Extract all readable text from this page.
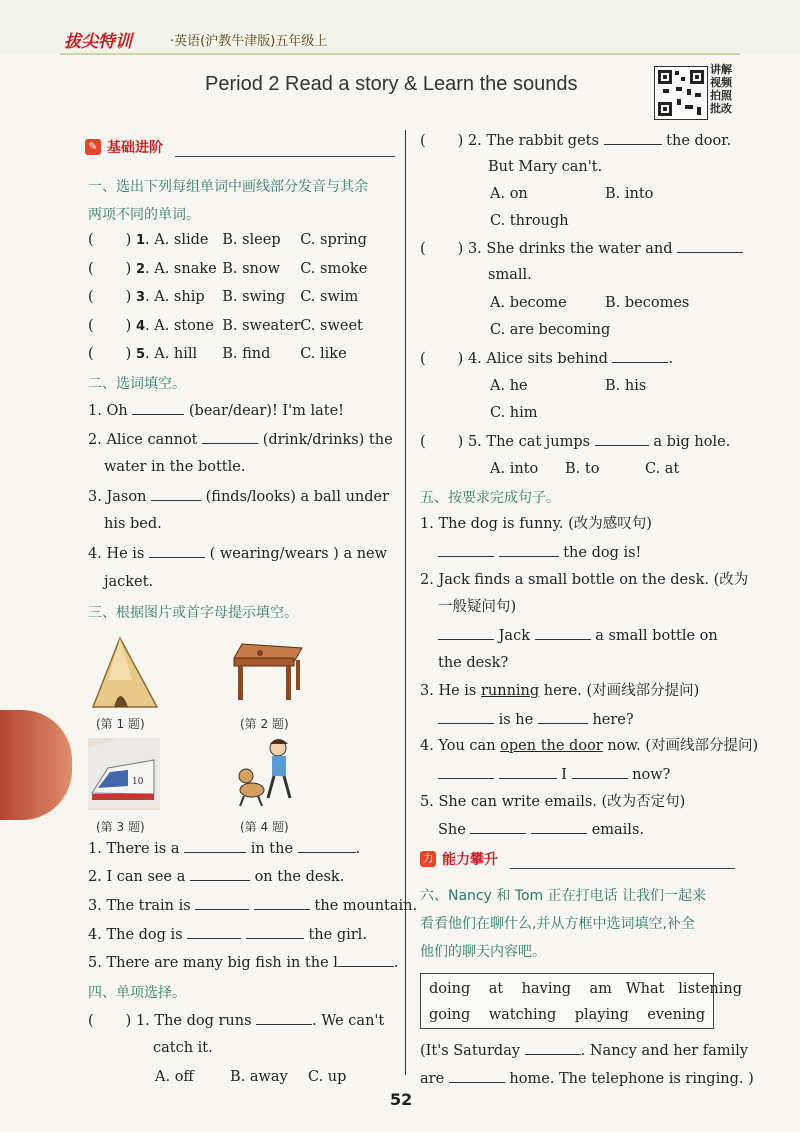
拔尖特训	·英语(沪教牛津版)五年级上
Period 2 Read a story & Learn the sounds
讲解视频拍照批改
✎ 基础进阶
一、选出下列每组单词中画线部分发音与其余
两项不同的单词。
( ) 1. A. slide B. sleep C. spring
( ) 2. A. snake B. snow C. smoke
( ) 3. A. ship B. swing C. swim
( ) 4. A. stone B. sweaterC. sweet
( ) 5. A. hill B. find C. like
二、选词填空。
1. Oh	(bear/dear)! I'm late!
2. Alice cannot	(drink/drinks) the
water in the bottle.
3. Jason	(finds/looks) a ball under
his bed.
4. He is	( wearing/wears ) a new
jacket.
三、根据图片或首字母提示填空。
(第 1 题)	(第 2 题)
10
(第 3 题)	(第 4 题)
1. There is a	in the	.
2. I can see a	on the desk.
3. The train is	the mountain.
4. The dog is	the girl.
5. There are many big fish in the l	.
四、单项选择。
( ) 1. The dog runs	. We can't
catch it.
A. off	B. away C. up
( ) 2. The rabbit gets	the door.
But Mary can't.
A. on	B. into
C. through
( ) 3. She drinks the water and
small.
A. become	B. becomes
C. are becoming
( ) 4. Alice sits behind	.
A. he	B. his
C. him
( ) 5. The cat jumps	a big hole.
A. into B. to	C. at
五、按要求完成句子。
1. The dog is funny. (改为感叹句)
the dog is!
2. Jack finds a small bottle on the desk. (改为
一般疑问句)
Jack	a small bottle on
the desk?
3. He is running here. (对画线部分提问)
is he	here?
4. You can open the door now. (对画线部分提问)
I	now?
5. She can write emails. (改为否定句)
She	emails.
力 能力攀升
六、Nancy 和 Tom 正在打电话 让我们一起来
看看他们在聊什么,并从方框中选词填空,补全
他们的聊天内容吧。
doing at having am What listening
going watching playing evening
(It's Saturday	. Nancy and her family
are	home. The telephone is ringing. )
52
